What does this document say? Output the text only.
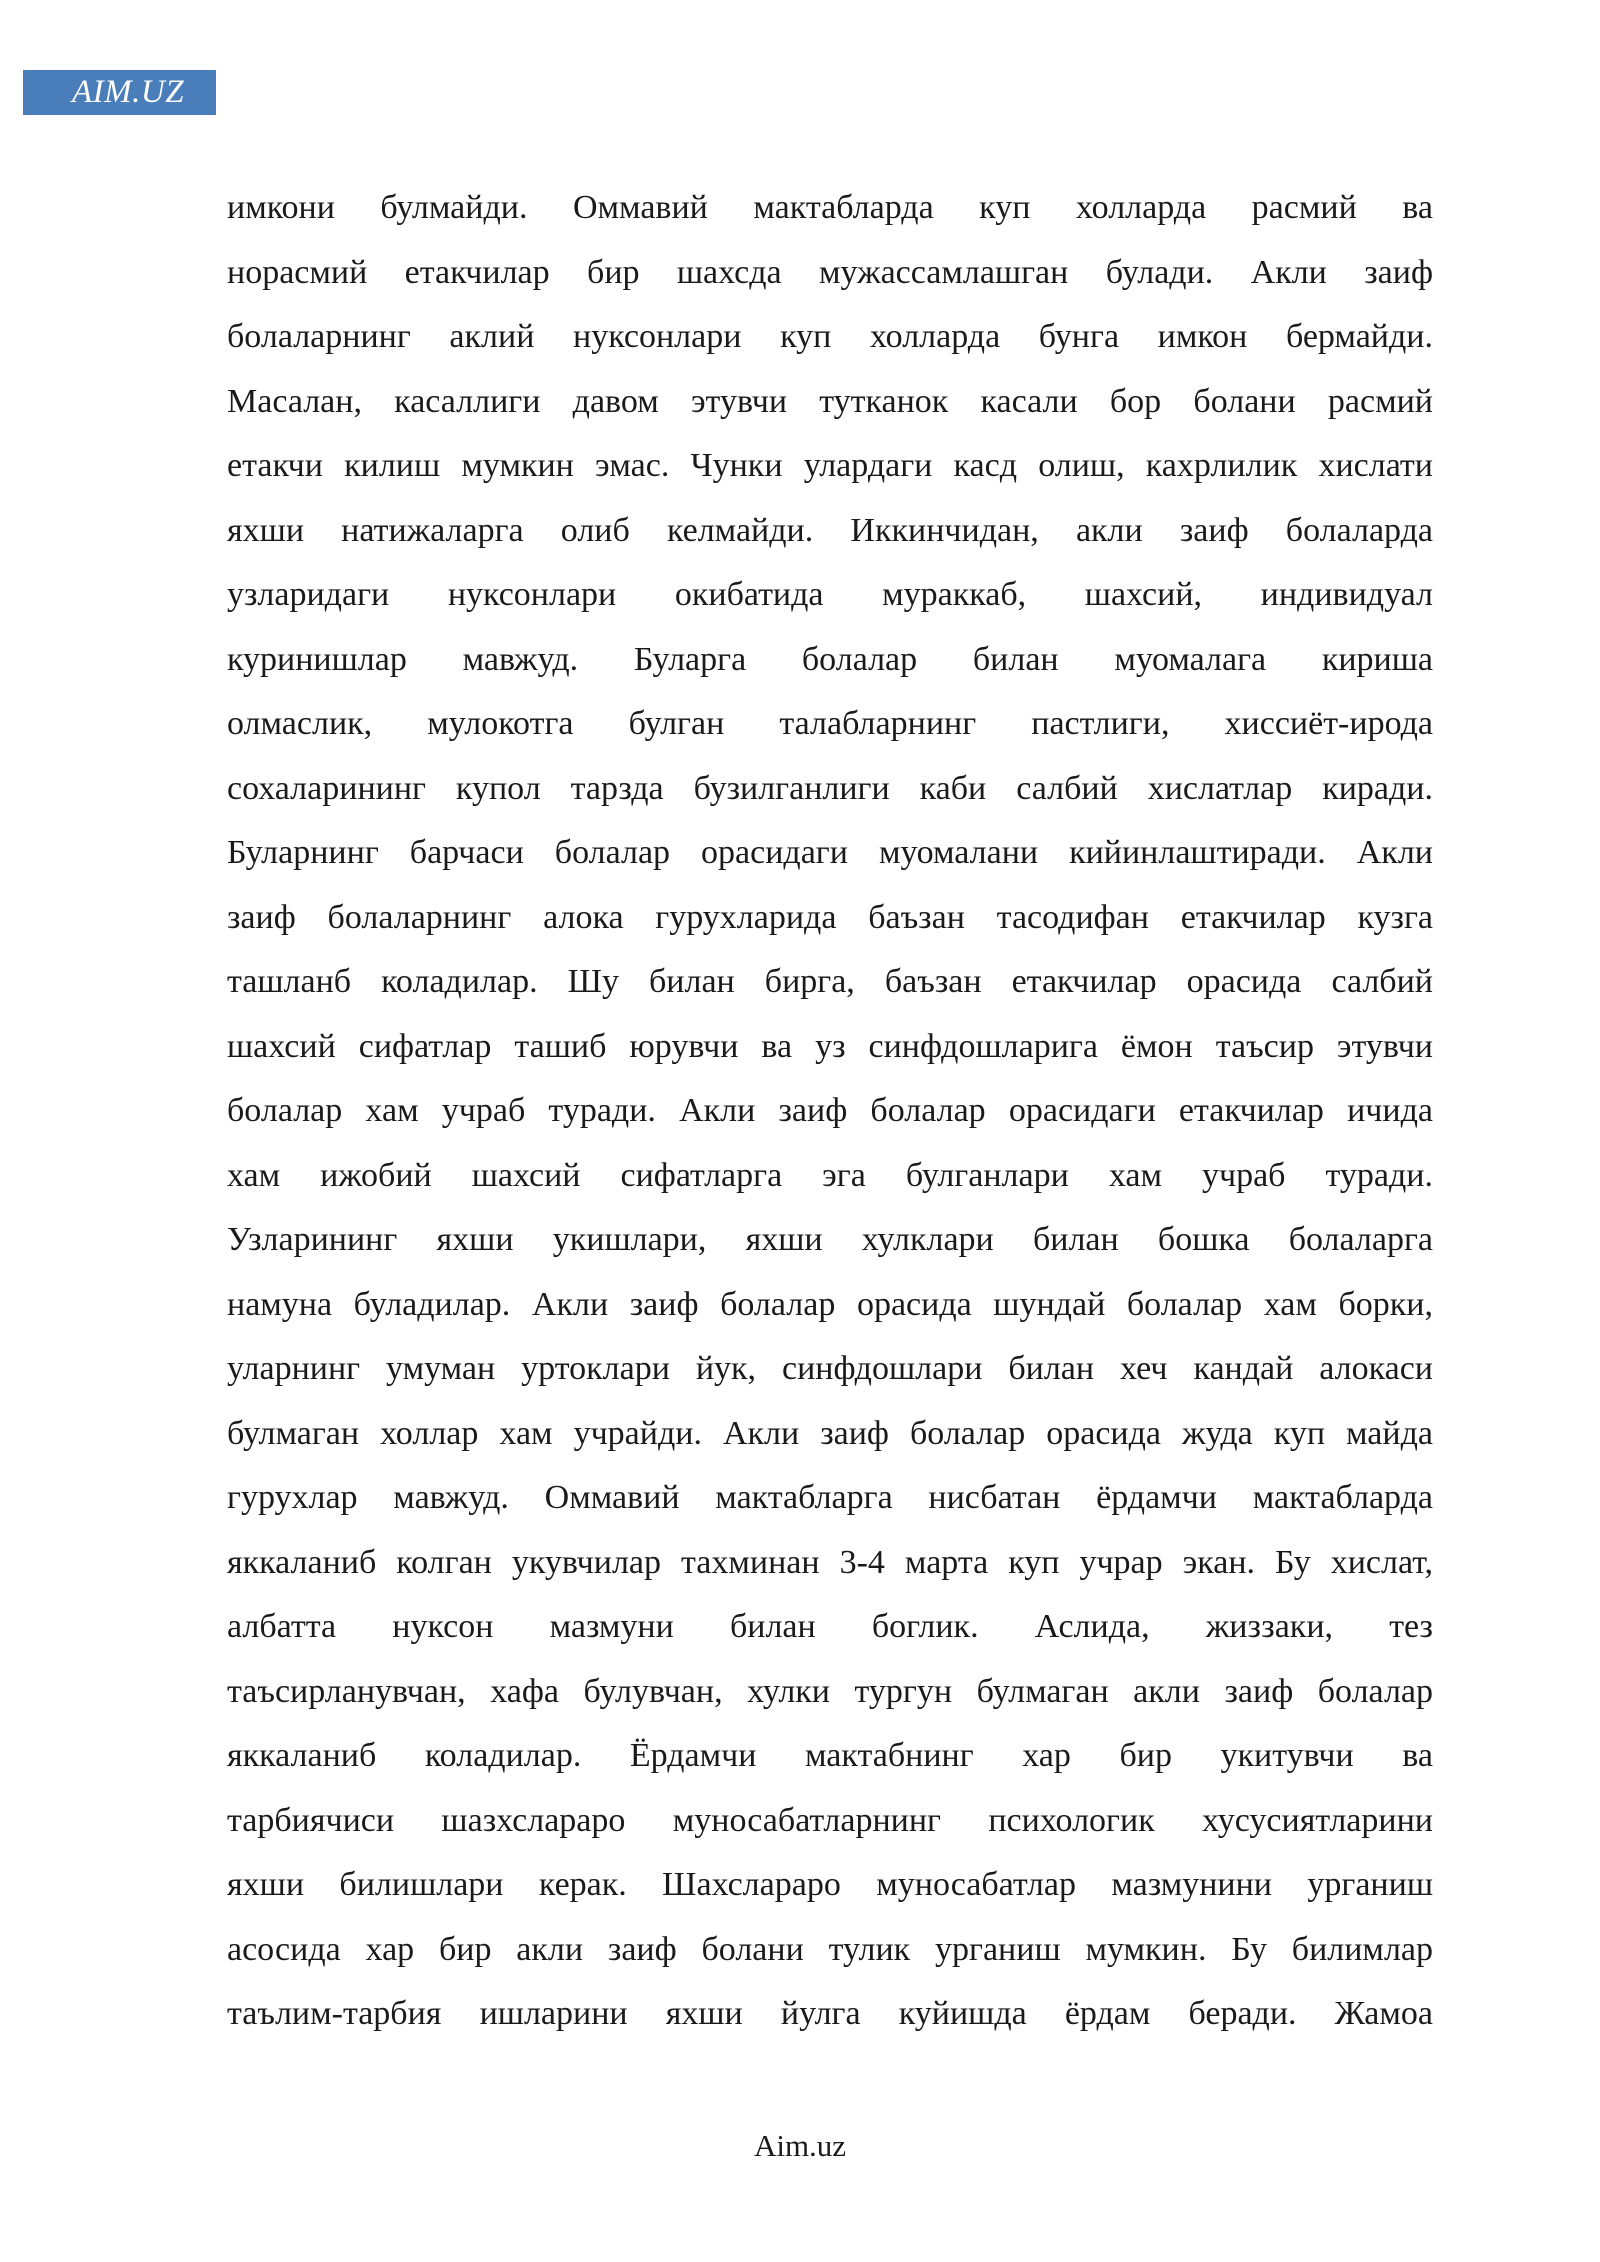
AIM.UZ
имкони булмайди. Оммавий мактабларда куп холларда расмий ва
норасмий етакчилар бир шахсда мужассамлашган булади. Акли заиф
болаларнинг аклий нуксонлари куп холларда бунга имкон бермайди.
Масалан, касаллиги давом этувчи тутканок касали бор болани расмий
етакчи килиш мумкин эмас. Чунки улардаги касд олиш, кахрлилик хислати
яхши натижаларга олиб келмайди. Иккинчидан, акли заиф болаларда
узларидаги нуксонлари окибатида мураккаб, шахсий, индивидуал
куринишлар мавжуд. Буларга болалар билан муомалага кириша
олмаслик, мулокотга булган талабларнинг пастлиги, хиссиёт-ирода
сохаларининг купол тарзда бузилганлиги каби салбий хислатлар киради.
Буларнинг барчаси болалар орасидаги муомалани кийинлаштиради. Акли
заиф болаларнинг алока гурухларида баъзан тасодифан етакчилар кузга
ташланб коладилар. Шу билан бирга, баъзан етакчилар орасида салбий
шахсий сифатлар ташиб юрувчи ва уз синфдошларига ёмон таъсир этувчи
болалар хам учраб туради. Акли заиф болалар орасидаги етакчилар ичида
хам ижобий шахсий сифатларга эга булганлари хам учраб туради.
Узларининг яхши укишлари, яхши хулклари билан бошка болаларга
намуна буладилар. Акли заиф болалар орасида шундай болалар хам борки,
уларнинг умуман уртоклари йук, синфдошлари билан хеч кандай алокаси
булмаган холлар хам учрайди. Акли заиф болалар орасида жуда куп майда
гурухлар мавжуд. Оммавий мактабларга нисбатан ёрдамчи мактабларда
яккаланиб колган укувчилар тахминан 3-4 марта куп учрар экан. Бу хислат,
албатта нуксон мазмуни билан боглик. Аслида, жиззаки, тез
таъсирланувчан, хафа булувчан, хулки тургун булмаган акли заиф болалар
яккаланиб коладилар. Ёрдамчи мактабнинг хар бир укитувчи ва
тарбиячиси шазхслараро муносабатларнинг психологик хусусиятларини
яхши билишлари керак. Шахслараро муносабатлар мазмунини урганиш
асосида хар бир акли заиф болани тулик урганиш мумкин. Бу билимлар
таълим-тарбия ишларини яхши йулга куйишда ёрдам беради. Жамоа
Aim.uz
